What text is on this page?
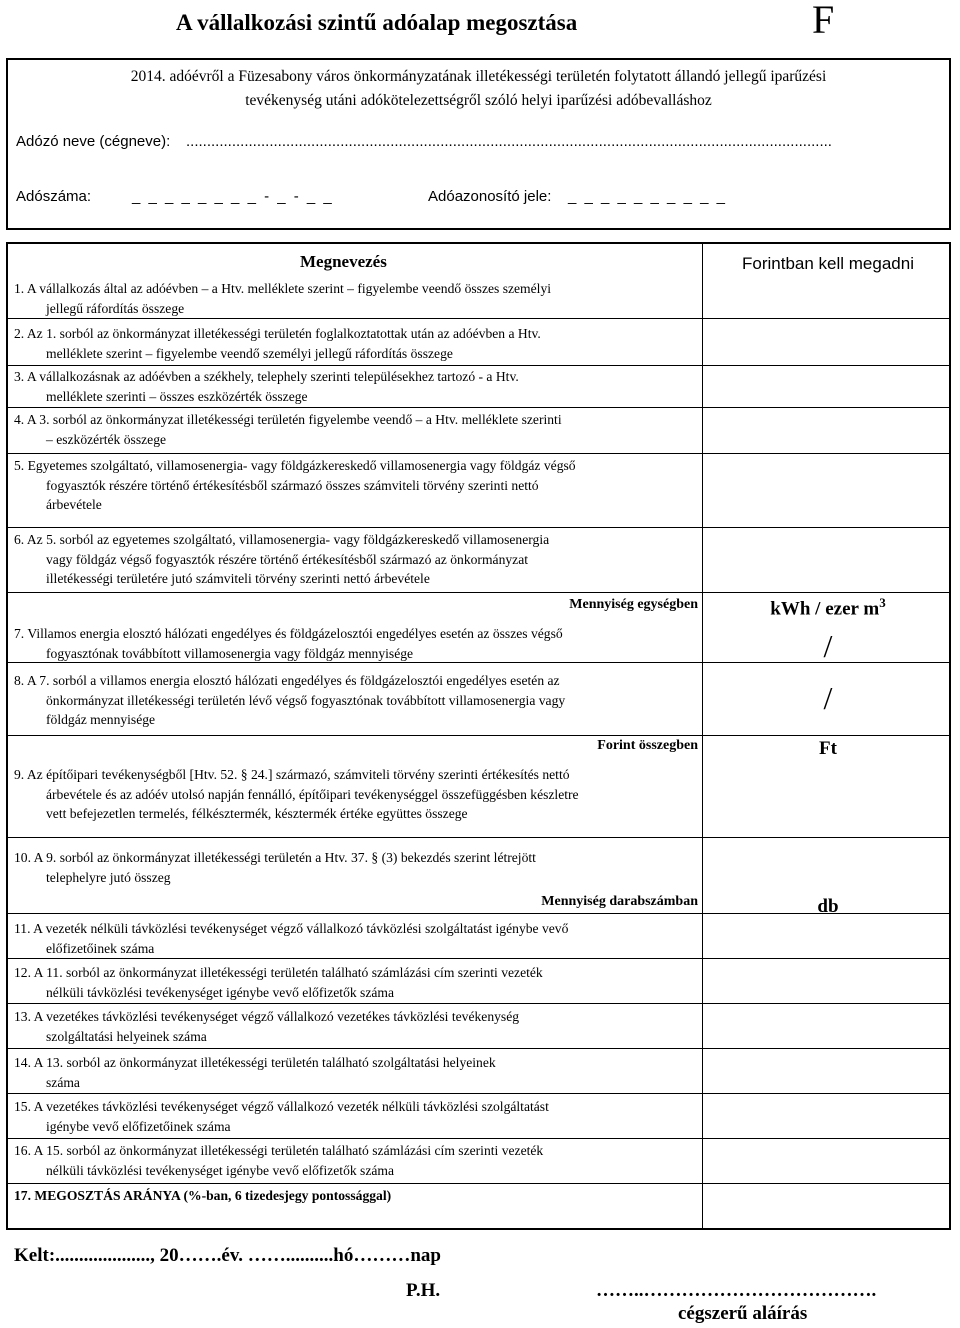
A vállalkozási szintű adóalap megosztása	F
2014. adóévről a Füzesabony város önkormányzatának illetékességi területén folytatott állandó jellegű iparűzési
tevékenység utáni adókötelezettségről szóló helyi iparűzési adóbevalláshoz
Adózó neve (cégneve): ...........................................................................................................................................................
Adószáma:	_ _ _ _ _ _ _ _ - _ - _ _	Adóazonosító jele: _ _ _ _ _ _ _ _ _ _
Megnevezés	Forintban kell megadni
1. A vállalkozás által az adóévben – a Htv. melléklete szerint – figyelembe veendő összes személyi
jellegű ráfordítás összege
2. Az 1. sorból az önkormányzat illetékességi területén foglalkoztatottak után az adóévben a Htv.
melléklete szerint – figyelembe veendő személyi jellegű ráfordítás összege
3. A vállalkozásnak az adóévben a székhely, telephely szerinti településekhez tartozó - a Htv.
melléklete szerinti – összes eszközérték összege
4. A 3. sorból az önkormányzat illetékességi területén figyelembe veendő – a Htv. melléklete szerinti
– eszközérték összege
5. Egyetemes szolgáltató, villamosenergia- vagy földgázkereskedő villamosenergia vagy földgáz végső
fogyasztók részére történő értékesítésből származó összes számviteli törvény szerinti nettó
árbevétele
6. Az 5. sorból az egyetemes szolgáltató, villamosenergia- vagy földgázkereskedő villamosenergia
vagy földgáz végső fogyasztók részére történő értékesítésből származó az önkormányzat
illetékességi területére jutó számviteli törvény szerinti nettó árbevétele
Mennyiség egységben	kWh / ezer $m^3$
7. Villamos energia elosztó hálózati engedélyes és földgázelosztói engedélyes esetén az összes végső
fogyasztónak továbbított villamosenergia vagy földgáz mennyisége	/
8. A 7. sorból a villamos energia elosztó hálózati engedélyes és földgázelosztói engedélyes esetén az
önkormányzat illetékességi területén lévő végső fogyasztónak továbbított villamosenergia vagy
földgáz mennyisége
/
Forint összegben	Ft
9. Az építőipari tevékenységből [Htv. 52. § 24.] származó, számviteli törvény szerinti értékesítés nettó
árbevétele és az adóév utolsó napján fennálló, építőipari tevékenységgel összefüggésben készletre
vett befejezetlen termelés, félkésztermék, késztermék értéke együttes összege
10. A 9. sorból az önkormányzat illetékességi területén a Htv. 37. § (3) bekezdés szerint létrejött
telephelyre jutó összeg
Mennyiség darabszámban	db
11. A vezeték nélküli távközlési tevékenységet végző vállalkozó távközlési szolgáltatást igénybe vevő
előfizetőinek száma
12. A 11. sorból az önkormányzat illetékességi területén található számlázási cím szerinti vezeték
nélküli távközlési tevékenységet igénybe vevő előfizetők száma
13. A vezetékes távközlési tevékenységet végző vállalkozó vezetékes távközlési tevékenység
szolgáltatási helyeinek száma
14. A 13. sorból az önkormányzat illetékességi területén található szolgáltatási helyeinek
száma
15. A vezetékes távközlési tevékenységet végző vállalkozó vezeték nélküli távközlési szolgáltatást
igénybe vevő előfizetőinek száma
16. A 15. sorból az önkormányzat illetékességi területén található számlázási cím szerinti vezeték
nélküli távközlési tevékenységet igénybe vevő előfizetők száma
17. MEGOSZTÁS ARÁNYA (%-ban, 6 tizedesjegy pontossággal)
Kelt:...................., 20…….év. ……..........hó………nap
P.H.	……..……………………………….
cégszerű aláírás
